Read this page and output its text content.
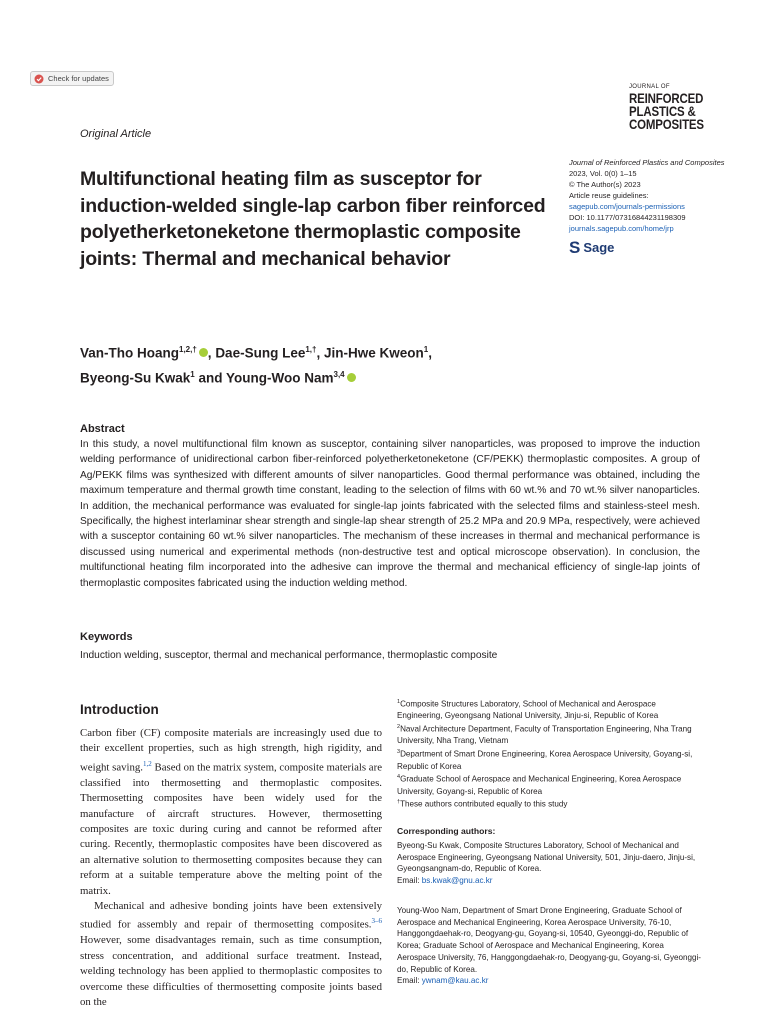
Check for updates
JOURNAL OF
REINFORCED
PLASTICS &
COMPOSITES
Original Article
Multifunctional heating film as susceptor for induction-welded single-lap carbon fiber reinforced polyetherketoneketone thermoplastic composite joints: Thermal and mechanical behavior
Journal of Reinforced Plastics and Composites
2023, Vol. 0(0) 1–15
© The Author(s) 2023
Article reuse guidelines:
sagepub.com/journals-permissions
DOI: 10.1177/07316844231198309
journals.sagepub.com/home/jrp
S Sage

Van-Tho Hoang$^{1,2,\dagger}$ , Dae-Sung Lee$^{1,\dagger}$, Jin-Hwe Kweon$^1$,
Byeong-Su Kwak$^1$ and Young-Woo Nam$^{3,4}$

Abstract

In this study, a novel multifunctional film known as susceptor, containing silver nanoparticles, was proposed to improve the induction welding performance of unidirectional carbon fiber-reinforced polyetherketoneketone (CF/PEKK) thermoplastic composites. A group of Ag/PEKK films was synthesized with different amounts of silver nanoparticles. Good thermal performance was obtained, including the maximum temperature and thermal growth time constant, leading to the selection of films with 60 wt.% and 70 wt.% silver nanoparticles. In addition, the mechanical performance was evaluated for single-lap joints fabricated with the selected films and stainless-steel mesh. Specifically, the highest interlaminar shear strength and single-lap shear strength of 25.2 MPa and 20.9 MPa, respectively, were achieved with a susceptor containing 60 wt.% silver nanoparticles. The mechanism of these increases in thermal and mechanical performance is discussed using numerical and experimental methods (non-destructive test and optical microscope observation). In conclusion, the multifunctional heating film incorporated into the adhesive can improve the thermal and mechanical efficiency of single-lap joints of thermoplastic composites fabricated using the induction welding method.

Keywords

Induction welding, susceptor, thermal and mechanical performance, thermoplastic composite

Introduction

Carbon fiber (CF) composite materials are increasingly used due to their excellent properties, such as high strength, high rigidity, and weight saving.$^{1,2}$ Based on the matrix system, composite materials are classified into thermosetting and thermoplastic composites. Thermosetting composites have been widely used for the manufacture of aircraft structures. However, thermosetting composites are toxic during curing and cannot be reformed after curing. Recently, thermoplastic composites have been discovered as an alternative solution to thermosetting composites because they can reform at a suitable temperature above the melting point of the matrix.

Mechanical and adhesive bonding joints have been extensively studied for assembly and repair of thermosetting composites.$^{3-6}$ However, some disadvantages remain, such as time consumption, stress concentration, and additional surface treatment. Instead, welding technology has been applied to thermoplastic composites to overcome these difficulties of thermosetting composite joints based on the

$^1$Composite Structures Laboratory, School of Mechanical and Aerospace Engineering, Gyeongsang National University, Jinju-si, Republic of Korea
$^2$Naval Architecture Department, Faculty of Transportation Engineering, Nha Trang University, Nha Trang, Vietnam
$^3$Department of Smart Drone Engineering, Korea Aerospace University, Goyang-si, Republic of Korea
$^4$Graduate School of Aerospace and Mechanical Engineering, Korea Aerospace University, Goyang-si, Republic of Korea
†These authors contributed equally to this study
Corresponding authors:

Byeong-Su Kwak, Composite Structures Laboratory, School of Mechanical and Aerospace Engineering, Gyeongsang National University, 501, Jinju-daero, Jinju-si, Gyeongsangnam-do, Republic of Korea.
Email: bs.kwak@gnu.ac.kr

Young-Woo Nam, Department of Smart Drone Engineering, Graduate School of Aerospace and Mechanical Engineering, Korea Aerospace University, 76-10, Hanggongdaehak-ro, Deogyang-gu, Goyang-si, 10540, Gyeonggi-do, Republic of Korea; Graduate School of Aerospace and Mechanical Engineering, Korea Aerospace University, 76, Hanggongdaehak-ro, Deogyang-gu, Goyang-si, Gyeonggi-do, Republic of Korea.
Email: ywnam@kau.ac.kr
